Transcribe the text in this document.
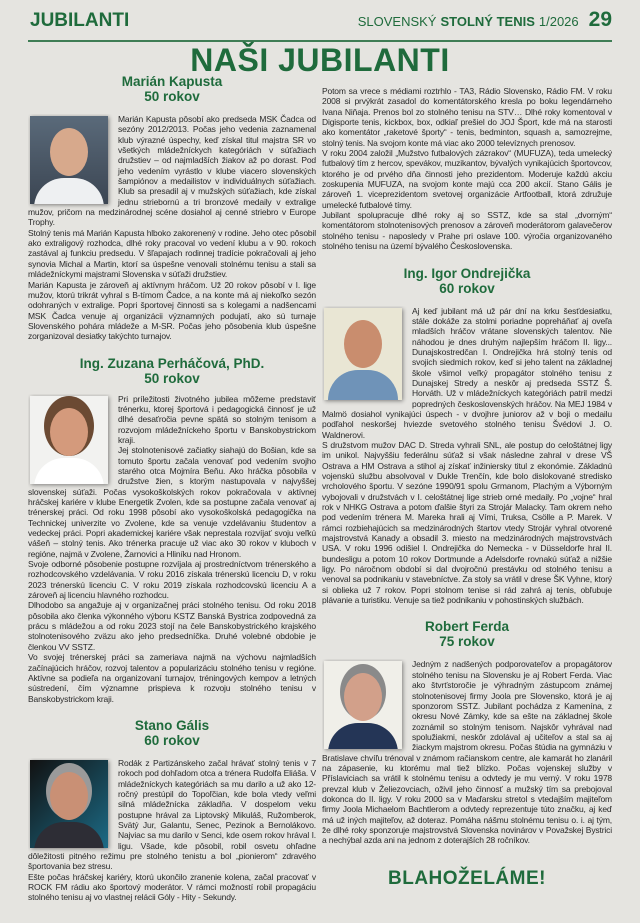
JUBILANTI	SLOVENSKÝ STOLNÝ TENIS 1/2026 29
NAŠI JUBILANTI
Marián Kapusta
50 rokov

Marián Kapusta pôsobí ako predseda MSK Čadca od sezóny 2012/2013. Počas jeho vedenia zaznamenal klub výrazné úspechy, keď získal titul majstra SR vo všetkých mládežníckych kategóriách v súťažiach družstiev – od najmladších žiakov až po dorast. Pod jeho vedením vyrástlo v klube viacero slovenských šampiónov a medailistov v individuálnych súťažiach. Klub sa presadil aj v mužských súťažiach, kde získal jednu striebornú a tri bronzové medaily v extralige mužov, pričom na medzinárodnej scéne dosiahol aj cenné striebro v Europe Trophy.

Stolný tenis má Marián Kapusta hlboko zakorenený v rodine. Jeho otec pôsobil ako extraligový rozhodca, dlhé roky pracoval vo vedení klubu a v 90. rokoch zastával aj funkciu predsedu. V šľapajach rodinnej tradície pokračovali aj jeho synovia Michal a Martin, ktorí sa úspešne venovali stolnému tenisu a stali sa mládežníckymi majstrami Slovenska v súťaži družstiev.

Marián Kapusta je zároveň aj aktívnym hráčom. Už 20 rokov pôsobí v I. lige mužov, ktorú trikrát vyhral s B-tímom Čadce, a na konte má aj niekoľko sezón odohraných v extralige. Popri športovej činnosti sa s kolegami a nadšencami MSK Čadca venuje aj organizácii významných podujatí, ako sú turnaje Slovenského pohára mládeže a M-SR. Počas jeho pôsobenia klub úspešne zorganizoval desiatky takýchto turnajov.

Ing. Zuzana Perháčová, PhD.
50 rokov

Pri príležitosti životného jubilea môžeme predstaviť trénerku, ktorej športová i pedagogická činnosť je už dlhé desaťročia pevne spätá so stolným tenisom a rozvojom mládežníckeho športu v Banskobystrickom kraji.

Jej stolnotenisové začiatky siahajú do Bošian, kde sa tomuto športu začala venovať pod vedením svojho starého otca Mojmíra Beňu. Ako hráčka pôsobila v družstve žien, s ktorým nastupovala v najvyššej slovenskej súťaži. Počas vysokoškolských rokov pokračovala v aktívnej hráčskej kariére v klube Energetik Zvolen, kde sa postupne začala venovať aj trénerskej práci. Od roku 1998 pôsobí ako vysokoškolská pedagogička na Technickej univerzite vo Zvolene, kde sa venuje vzdelávaniu študentov a vedeckej práci. Popri akademickej kariére však neprestala rozvíjať svoju veľkú vášeň – stolný tenis. Ako trénerka pracuje už viac ako 30 rokov v kluboch v regióne, najmä v Zvolene, Žarnovici a Hliníku nad Hronom.

Svoje odborné pôsobenie postupne rozvíjala aj prostredníctvom trénerského a rozhodcovského vzdelávania. V roku 2016 získala trénerskú licenciu D, v roku 2023 trénerskú licenciu C. V roku 2019 získala rozhodcovskú licenciu A a zároveň aj licenciu hlavného rozhodcu.

Dlhodobo sa angažuje aj v organizačnej práci stolného tenisu. Od roku 2018 pôsobila ako členka výkonného výboru KSTZ Banská Bystrica zodpovedná za prácu s mládežou a od roku 2023 stojí na čele Banskobystrického krajského stolnotenisového zväzu ako jeho predsedníčka. Druhé volebné obdobie je členkou VV SSTZ.

Vo svojej trénerskej práci sa zameriava najmä na výchovu najmladších začínajúcich hráčov, rozvoj talentov a popularizáciu stolného tenisu v regióne. Aktívne sa podieľa na organizovaní turnajov, tréningových kempov a letných sústredení, čím významne prispieva k rozvoju stolného tenisu v Banskobystrickom kraji.

Stano Gális
60 rokov

Rodák z Partizánskeho začal hrávať stolný tenis v 7 rokoch pod dohľadom otca a trénera Rudolfa Eliáša. V mládežníckych kategóriách sa mu darilo a už ako 12-ročný prestúpil do Topoľčian, kde bola vtedy veľmi silná mládežnícka základňa. V dospelom veku postupne hrával za Liptovský Mikuláš, Ružomberok, Svätý Jur, Galantu, Senec, Pezinok a Bernolákovo. Najviac sa mu darilo v Senci, kde osem rokov hrával I. ligu. Všade, kde pôsobil, robil osvetu ohľadne dôležitosti pitného režimu pre stolného tenistu a bol „pionierom“ zdravého športovania bez stresu.

Ešte počas hráčskej kariéry, ktorú ukončilo zranenie kolena, začal pracovať v ROCK FM rádiu ako športový moderátor. V rámci možností robil propagáciu stolného tenisu aj vo vlastnej relácii Góly - Hity - Sekundy.

Potom sa vrece s médiami roztrhlo - TA3, Rádio Slovensko, Rádio FM. V roku 2008 si prvýkrát zasadol do komentátorského kresla po boku legendárneho Ivana Niňaja. Prenos bol zo stolného tenisu na STV… Dlhé roky komentoval v Digisporte tenis, kickbox, box, odkiaľ prešiel do JOJ Šport, kde má na starosti ako komentátor „raketové športy“ - tenis, bedminton, squash a, samozrejme, stolný tenis. Na svojom konte má viac ako 2000 televíznych prenosov.

V roku 2004 založil „Mužstvo futbalových zázrakov“ (MUFUZA), teda umelecký futbalový tím z hercov, spevákov, muzikantov, bývalých vynikajúcich športovcov, ktorého je od prvého dňa činnosti jeho prezidentom. Moderuje každú akciu zoskupenia MUFUZA, na svojom konte majú cca 200 akcií. Stano Gális je zároveň 1. viceprezidentom svetovej organizácie Artfootball, ktorá združuje umelecké futbalové tímy.

Jubilant spolupracuje dlhé roky aj so SSTZ, kde sa stal „dvorným“ komentátorom stolnotenisových prenosov a zároveň moderátorom galavečerov stolného tenisu - naposledy v Prahe pri oslave 100. výročia organizovaného stolného tenisu na území bývalého Československa.

Ing. Igor Ondrejička
60 rokov

Aj keď jubilant má už pár dní na krku šesťdesiatku, stále dokáže za stolmi poriadne popreháňať aj oveľa mladších hráčov vrátane slovenských talentov. Nie náhodou je dnes druhým najlepším hráčom II. ligy... Dunajskostredčan I. Ondrejička hrá stolný tenis od svojich siedmich rokov, keď si jeho talent na základnej škole všimol veľký propagátor stolného tenisu z Dunajskej Stredy a neskôr aj predseda SSTZ Š. Horváth. Už v mládežníckych kategóriách patril medzi popredných československých hráčov. Na MEJ 1984 v Malmö dosiahol vynikajúci úspech - v dvojhre juniorov až v boji o medailu podľahol neskoršej hviezde svetového stolného tenisu Švédovi J. O. Waldnerovi.

S družstvom mužov DAC D. Streda vyhrali SNL, ale postup do celoštátnej ligy im unikol. Najvyššiu federálnu súťaž si však následne zahral v drese VŠ Ostrava a HM Ostrava a stihol aj získať inžiniersky titul z ekonómie. Základnú vojenskú službu absolvoval v Dukle Trenčín, kde bolo dislokované stredisko vrcholového športu. V sezóne 1990/91 spolu Grmanom, Plachým a Výborným vybojovali v družstvách v I. celoštátnej lige strieb orné medaily. Po „vojne“ hral rok v NHKG Ostrava a potom ďalšie štyri za Strojár Malacky. Tam okrem neho pod vedením trénera M. Mareka hrali aj Vími, Truksa, Csölle a P. Marek. V rámci rozbiehajúcich sa medzinárodných štartov vtedy Strojár vyhral otvorené majstrovstvá Kanady a obsadil 3. miesto na medzinárodných majstrovstvách USA. V roku 1996 odišiel I. Ondrejička do Nemecka - v Düsseldorfe hral II. bundesligu a potom 10 rokov Dortmunde a Adelsdorfe rovnakú súťaž a nižšie ligy. Po náročnom období si dal dvojročnú prestávku od stolného tenisu a venoval sa podnikaniu v stavebníctve. Za stoly sa vrátil v drese ŠK Vyhne, ktorý si oblieka už 7 rokov. Popri stolnom tenise si rád zahrá aj tenis, obľubuje plávanie a turistiku. Venuje sa tiež podnikaniu v pohostinských službách.

Robert Ferda
75 rokov

Jedným z nadšených podporovateľov a propagátorov stolného tenisu na Slovensku je aj Robert Ferda. Viac ako štvrťstoročie je výhradným zástupcom známej stolnotenisovej firmy Joola pre Slovensko, ktorá je aj sponzorom SSTZ. Jubilant pochádza z Kamenína, z okresu Nové Zámky, kde sa ešte na základnej škole zoznámil so stolným tenisom. Najskôr vyhrával nad spolužiakmi, neskôr zdolával aj učiteľov a stal sa aj žiackym majstrom okresu. Počas štúdia na gymnáziu v Bratislave chvíľu trénoval v známom račianskom centre, ale kamarát ho zlanáril na zápasenie, ku ktorému mal tiež blízko. Počas vojenskej služby v Příslaviciach sa vrátil k stolnému tenisu a odvtedy je mu verný. V roku 1978 prevzal klub v Želiezovciach, oživil jeho činnosť a mužský tím sa prebojoval dokonca do II. ligy. V roku 2000 sa v Maďarsku stretol s vtedajším majiteľom firmy Joola Michaelom Bachtlerom a odvtedy reprezentuje túto značku, aj keď má už iných majiteľov, až doteraz. Pomáha nášmu stolnému tenisu o. i. aj tým, že dlhé roky sponzoruje majstrovstvá Slovenska novinárov v Považskej Bystrici a nechýbal azda ani na jednom z doterajších 28 ročníkov.

BLAHOŽELÁME!
